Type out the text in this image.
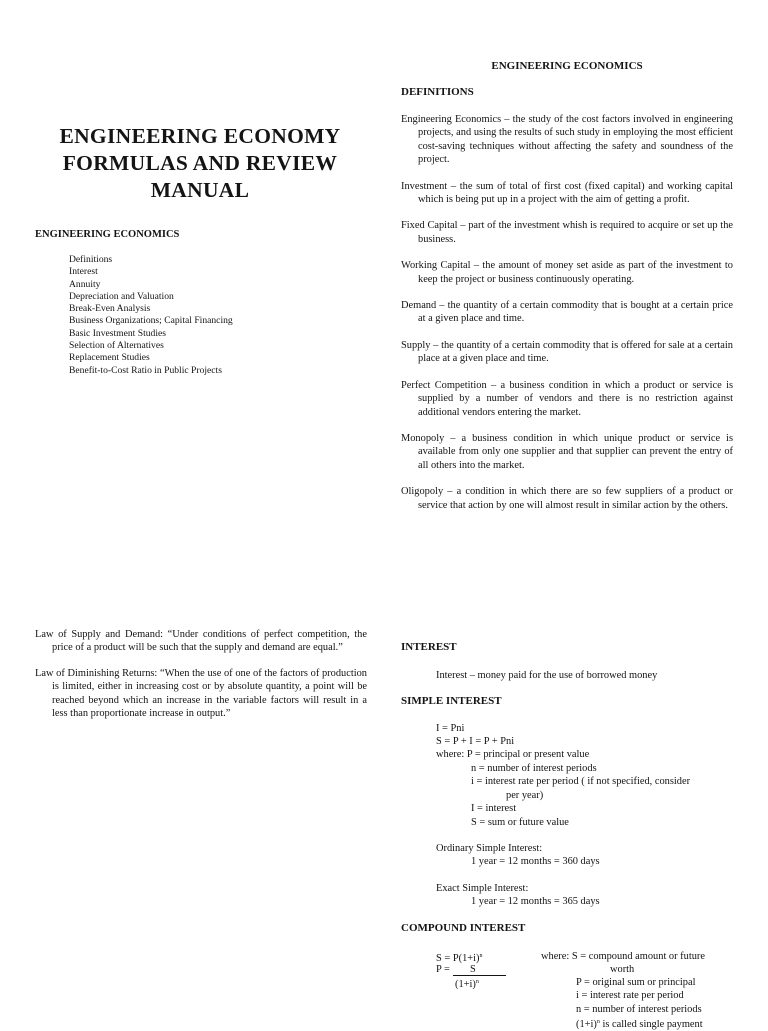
ENGINEERING ECONOMY FORMULAS AND REVIEW MANUAL
ENGINEERING ECONOMICS
Definitions
Interest
Annuity
Depreciation and Valuation
Break-Even Analysis
Business Organizations; Capital Financing
Basic Investment Studies
Selection of Alternatives
Replacement Studies
Benefit-to-Cost Ratio in Public Projects
ENGINEERING ECONOMICS
DEFINITIONS
Engineering Economics – the study of the cost factors involved in engineering projects, and using the results of such study in employing the most efficient cost-saving techniques without affecting the safety and soundness of the project.
Investment – the sum of total of first cost (fixed capital) and working capital which is being put up in a project with the aim of getting a profit.
Fixed Capital – part of the investment whish is required to acquire or set up the business.
Working Capital – the amount of money set aside as part of the investment to keep the project or business continuously operating.
Demand – the quantity of a certain commodity that is bought at a certain price at a given place and time.
Supply – the quantity of a certain commodity that is offered for sale at a certain place at a given place and time.
Perfect Competition – a business condition in which a product or service is supplied by a number of vendors and there is no restriction against additional vendors entering the market.
Monopoly – a business condition in which unique product or service is available from only one supplier and that supplier can prevent the entry of all others into the market.
Oligopoly – a condition in which there are so few suppliers of a product or service that action by one will almost result in similar action by the others.
Law of Supply and Demand: “Under conditions of perfect competition, the price of a product will be such that the supply and demand are equal.”
Law of Diminishing Returns: “When the use of one of the factors of production is limited, either in increasing cost or by absolute quantity, a point will be reached beyond which an increase in the variable factors will result in a less than proportionate increase in output.”
INTEREST
Interest – money paid for the use of borrowed money
SIMPLE INTEREST
I = Pni
S = P + I = P + Pni
where: P = principal or present value
n = number of interest periods
i = interest rate per period ( if not specified, consider
per year)
I = interest
S = sum or future value
Ordinary Simple Interest:
1 year = 12 months = 360 days
Exact Simple Interest:
1 year = 12 months = 365 days
COMPOUND INTEREST
$S = P(1+i)^n$
P = S
$(1+i)^n$
where: S = compound amount or future
worth
P = original sum or principal
i = interest rate per period
n = number of interest periods
$(1+i)^n$ is called single payment
